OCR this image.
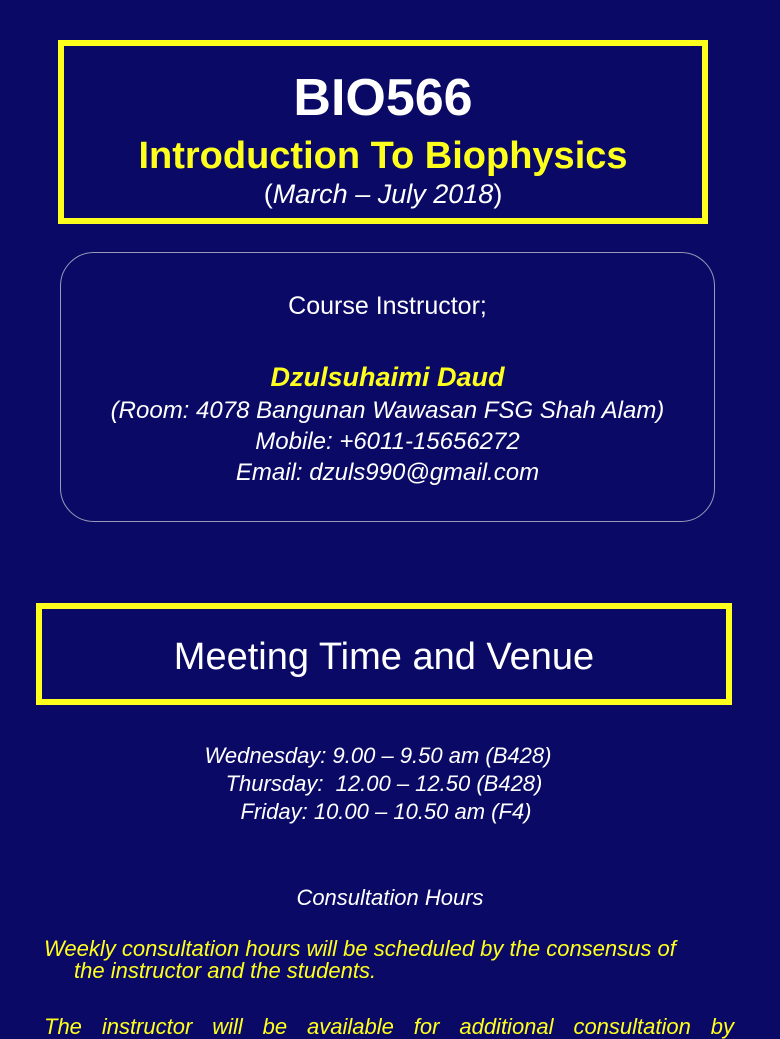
BIO566
Introduction To Biophysics
(March – July 2018)
Course Instructor;
Dzulsuhaimi Daud
(Room: 4078 Bangunan Wawasan FSG Shah Alam)
Mobile: +6011-15656272
Email: dzuls990@gmail.com
Meeting Time and Venue
Wednesday: 9.00 – 9.50 am (B428)
Thursday:  12.00 – 12.50 (B428)
Friday: 10.00 – 10.50 am (F4)
Consultation Hours
Weekly consultation hours will be scheduled by the consensus of
the instructor and the students.
The instructor will be available for additional consultation by
